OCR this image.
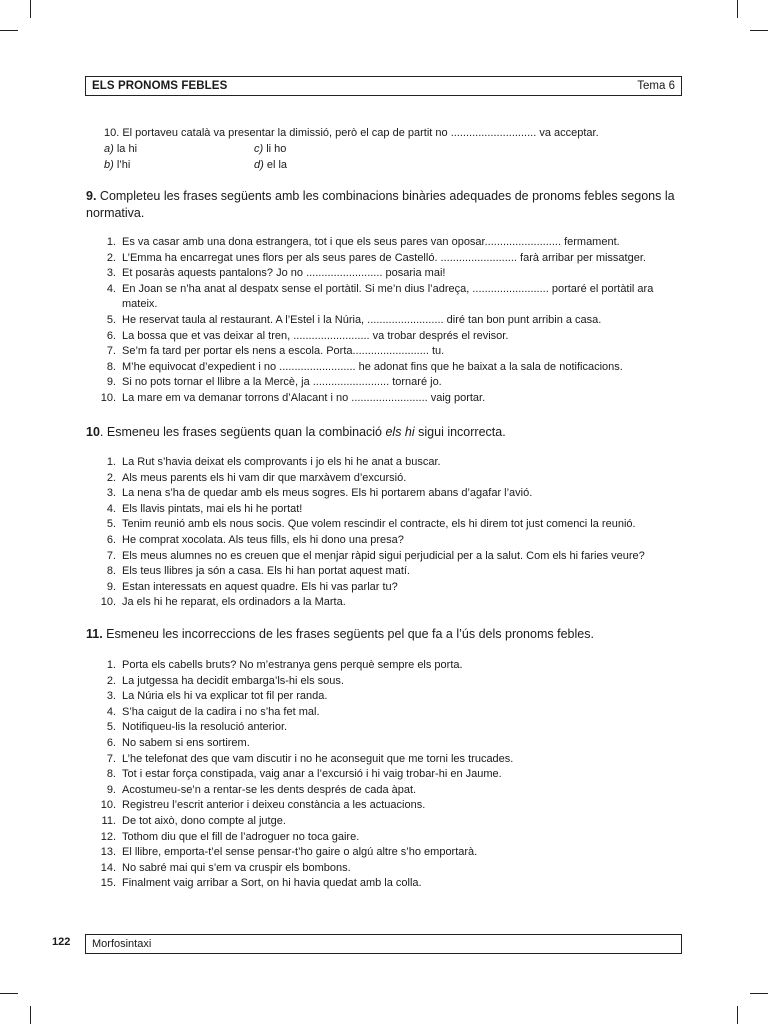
ELS PRONOMS FEBLES	Tema 6
10. El portaveu català va presentar la dimissió, però el cap de partit no ............................ va acceptar.
a) la hi	c) li ho
b) l’hi	d) el la
9. Completeu les frases següents amb les combinacions binàries adequades de pronoms febles segons la normativa.
1. Es va casar amb una dona estrangera, tot i que els seus pares van oposar......................... fermament.
2. L’Emma ha encarregat unes flors per als seus pares de Castelló. ......................... farà arribar per missatger.
3. Et posaràs aquests pantalons? Jo no ......................... posaria mai!
4. En Joan se n’ha anat al despatx sense el portàtil. Si me’n dius l’adreça, ......................... portaré el portàtil ara mateix.
5. He reservat taula al restaurant. A l’Estel i la Núria, ......................... diré tan bon punt arribin a casa.
6. La bossa que et vas deixar al tren, ......................... va trobar després el revisor.
7. Se’m fa tard per portar els nens a escola. Porta......................... tu.
8. M’he equivocat d’expedient i no ......................... he adonat fins que he baixat a la sala de notificacions.
9. Si no pots tornar el llibre a la Mercè, ja ......................... tornaré jo.
10. La mare em va demanar torrons d’Alacant i no ......................... vaig portar.
10. Esmeneu les frases següents quan la combinació els hi sigui incorrecta.
1. La Rut s’havia deixat els comprovants i jo els hi he anat a buscar.
2. Als meus parents els hi vam dir que marxàvem d’excursió.
3. La nena s’ha de quedar amb els meus sogres. Els hi portarem abans d’agafar l’avió.
4. Els llavis pintats, mai els hi he portat!
5. Tenim reunió amb els nous socis. Que volem rescindir el contracte, els hi direm tot just comenci la reunió.
6. He comprat xocolata. Als teus fills, els hi dono una presa?
7. Els meus alumnes no es creuen que el menjar ràpid sigui perjudicial per a la salut. Com els hi faries veure?
8. Els teus llibres ja són a casa. Els hi han portat aquest matí.
9. Estan interessats en aquest quadre. Els hi vas parlar tu?
10. Ja els hi he reparat, els ordinadors a la Marta.
11. Esmeneu les incorreccions de les frases següents pel que fa a l’ús dels pronoms febles.
1. Porta els cabells bruts? No m’estranya gens perquè sempre els porta.
2. La jutgessa ha decidit embarga’ls-hi els sous.
3. La Núria els hi va explicar tot fil per randa.
4. S’ha caigut de la cadira i no s’ha fet mal.
5. Notifiqueu-lis la resolució anterior.
6. No sabem si ens sortirem.
7. L’he telefonat des que vam discutir i no he aconseguit que me torni les trucades.
8. Tot i estar força constipada, vaig anar a l’excursió i hi vaig trobar-hi en Jaume.
9. Acostumeu-se’n a rentar-se les dents després de cada àpat.
10. Registreu l’escrit anterior i deixeu constància a les actuacions.
11. De tot això, dono compte al jutge.
12. Tothom diu que el fill de l’adroguer no toca gaire.
13. El llibre, emporta-t’el sense pensar-t’ho gaire o algú altre s’ho emportarà.
14. No sabré mai qui s’em va cruspir els bombons.
15. Finalment vaig arribar a Sort, on hi havia quedat amb la colla.
122 Morfosintaxi
